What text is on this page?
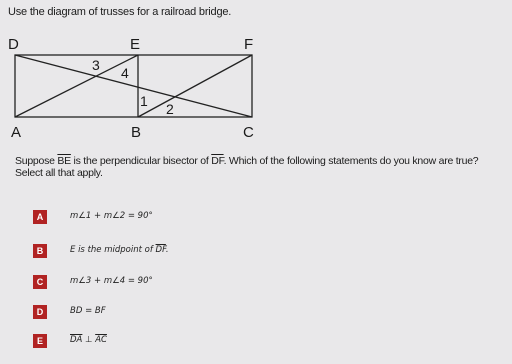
Use the diagram of trusses for a railroad bridge.
D	E	F
A	B	C
3 4
1 2
Suppose $\overline{BE}$ is the perpendicular bisector of $\overline{DF}$. Which of the following statements do you know are true?
Select all that apply.
A	m∠1 + m∠2 = 90°
B	E is the midpoint of $\overline{DF}$.
C	m∠3 + m∠4 = 90°
D	BD = BF
E	$\overline{DA}$ ⊥ $\overline{AC}$
